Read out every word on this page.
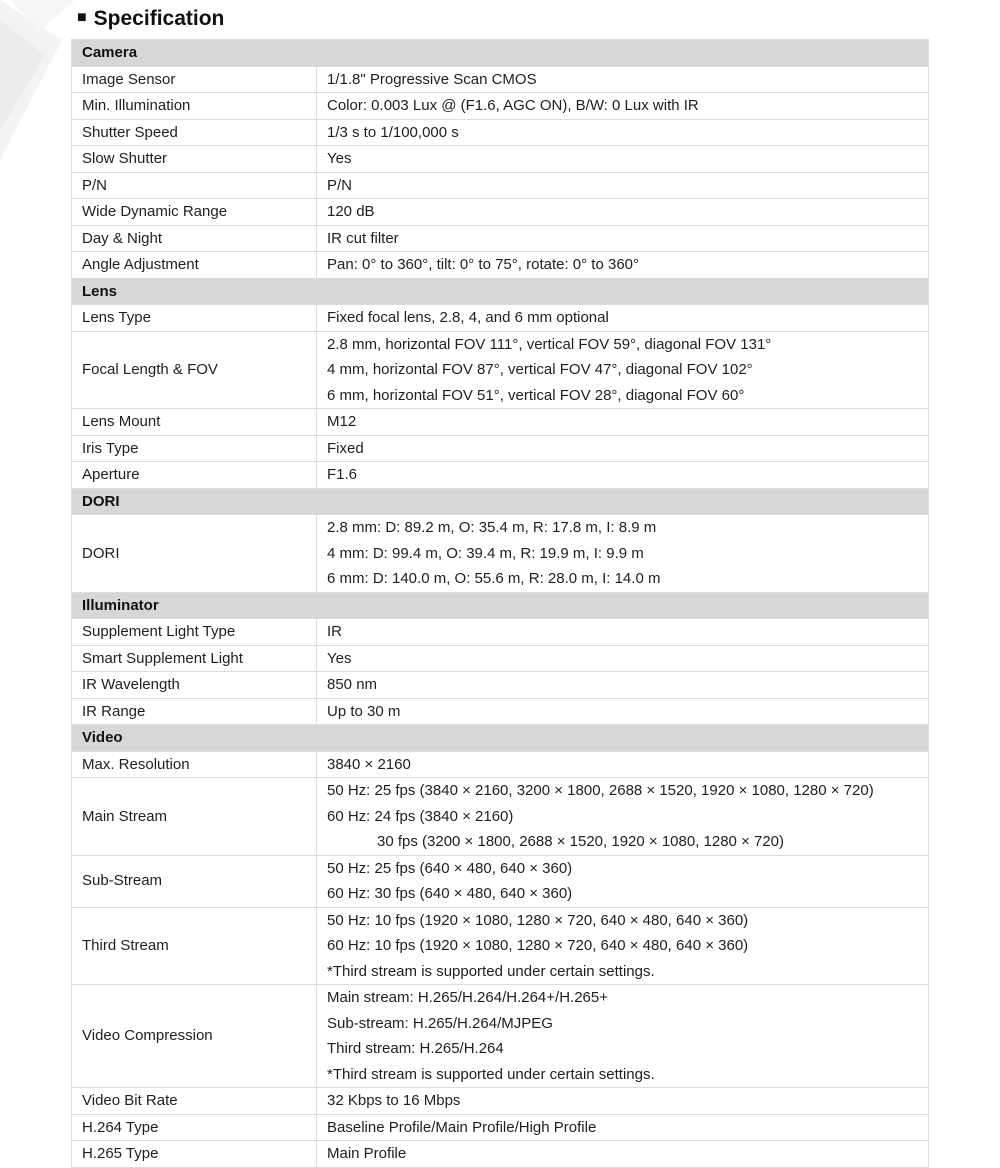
■ Specification
Camera	
Image Sensor	1/1.8" Progressive Scan CMOS

Min. Illumination	Color: 0.003 Lux @ (F1.6, AGC ON), B/W: 0 Lux with IR

Shutter Speed	1/3 s to 1/100,000 s

Slow Shutter	Yes

P/N	P/N

Wide Dynamic Range	120 dB

Day & Night	IR cut filter

Angle Adjustment	Pan: 0° to 360°, tilt: 0° to 75°, rotate: 0° to 360°

Lens	
Lens Type	Fixed focal lens, 2.8, 4, and 6 mm optional

Focal Length & FOV	2.8 mm, horizontal FOV 111°, vertical FOV 59°, diagonal FOV 131°
4 mm, horizontal FOV 87°, vertical FOV 47°, diagonal FOV 102°
6 mm, horizontal FOV 51°, vertical FOV 28°, diagonal FOV 60°

Lens Mount	M12

Iris Type	Fixed

Aperture	F1.6

DORI	
DORI	2.8 mm: D: 89.2 m, O: 35.4 m, R: 17.8 m, I: 8.9 m
4 mm: D: 99.4 m, O: 39.4 m, R: 19.9 m, I: 9.9 m
6 mm: D: 140.0 m, O: 55.6 m, R: 28.0 m, I: 14.0 m

Illuminator	
Supplement Light Type	IR

Smart Supplement Light	Yes

IR Wavelength	850 nm

IR Range	Up to 30 m

Video	
Max. Resolution	3840 × 2160

Main Stream	50 Hz: 25 fps (3840 × 2160, 3200 × 1800, 2688 × 1520, 1920 × 1080, 1280 × 720)
60 Hz: 24 fps (3840 × 2160)
30 fps (3200 × 1800, 2688 × 1520, 1920 × 1080, 1280 × 720)

Sub-Stream	50 Hz: 25 fps (640 × 480, 640 × 360)
60 Hz: 30 fps (640 × 480, 640 × 360)

Third Stream	50 Hz: 10 fps (1920 × 1080, 1280 × 720, 640 × 480, 640 × 360)
60 Hz: 10 fps (1920 × 1080, 1280 × 720, 640 × 480, 640 × 360)
*Third stream is supported under certain settings.

Video Compression	Main stream: H.265/H.264/H.264+/H.265+
Sub-stream: H.265/H.264/MJPEG
Third stream: H.265/H.264
*Third stream is supported under certain settings.

Video Bit Rate	32 Kbps to 16 Mbps

H.264 Type	Baseline Profile/Main Profile/High Profile

H.265 Type	Main Profile
